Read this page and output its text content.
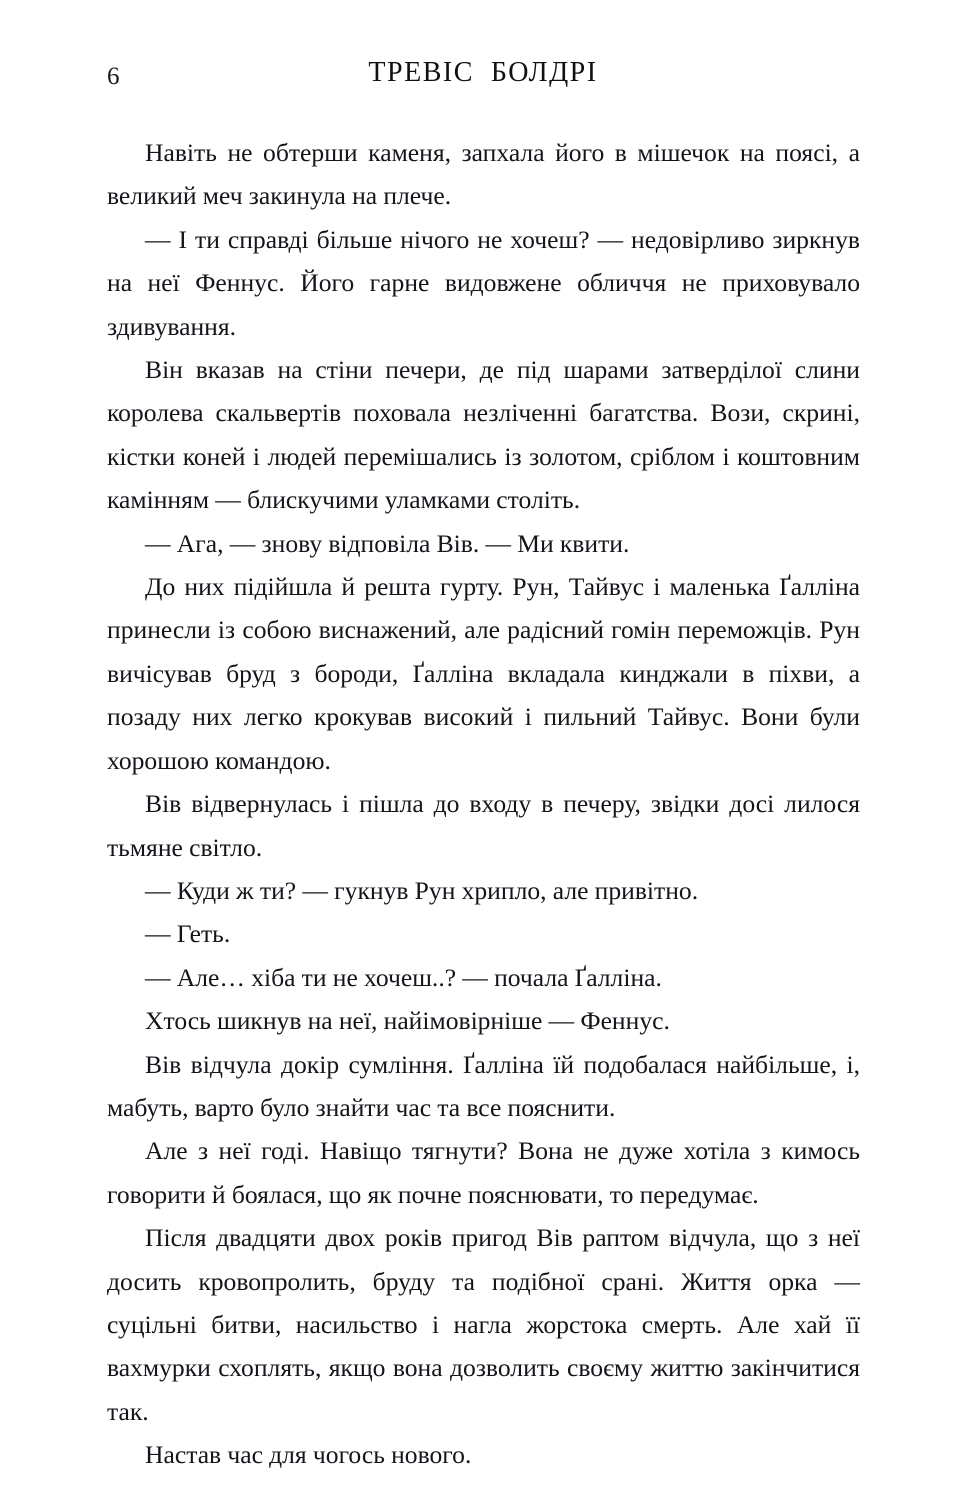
6	ТРЕВІС  БОЛДРІ

Навіть не обтерши каменя, запхала його в мішечок на поясі, а великий меч закинула на плече.

— І ти справді більше нічого не хочеш? — недовірливо зиркнув на неї Феннус. Його гарне видовжене обличчя не приховувало здивування.

Він вказав на стіни печери, де під шарами затверділої слини королева скальвертів поховала незліченні багатства. Вози, скрині, кістки коней і людей перемішались із золотом, сріблом і коштовним камінням — блискучими уламками століть.

— Ага, — знову відповіла Вів. — Ми квити.

До них підійшла й решта гурту. Рун, Тайвус і маленька Ґалліна принесли із собою виснажений, але радісний гомін переможців. Рун вичісував бруд з бороди, Ґалліна вкладала кинджали в піхви, а позаду них легко крокував високий і пильний Тайвус. Вони були хорошою командою.

Вів відвернулась і пішла до входу в печеру, звідки досі лилося тьмяне світло.

— Куди ж ти? — гукнув Рун хрипло, але привітно.

— Геть.

— Але… хіба ти не хочеш..? — почала Ґалліна.

Хтось шикнув на неї, найімовірніше — Феннус.

Вів відчула докір сумління. Ґалліна їй подобалася найбільше, і, мабуть, варто було знайти час та все пояснити.

Але з неї годі. Навіщо тягнути? Вона не дуже хотіла з кимось говорити й боялася, що як почне пояснювати, то передумає.

Після двадцяти двох років пригод Вів раптом відчула, що з неї досить кровопролить, бруду та подібної срані. Життя орка — суцільні битви, насильство і нагла жорстока смерть. Але хай її вахмурки схоплять, якщо вона дозволить своєму життю закінчитися так.

Настав час для чогось нового.
